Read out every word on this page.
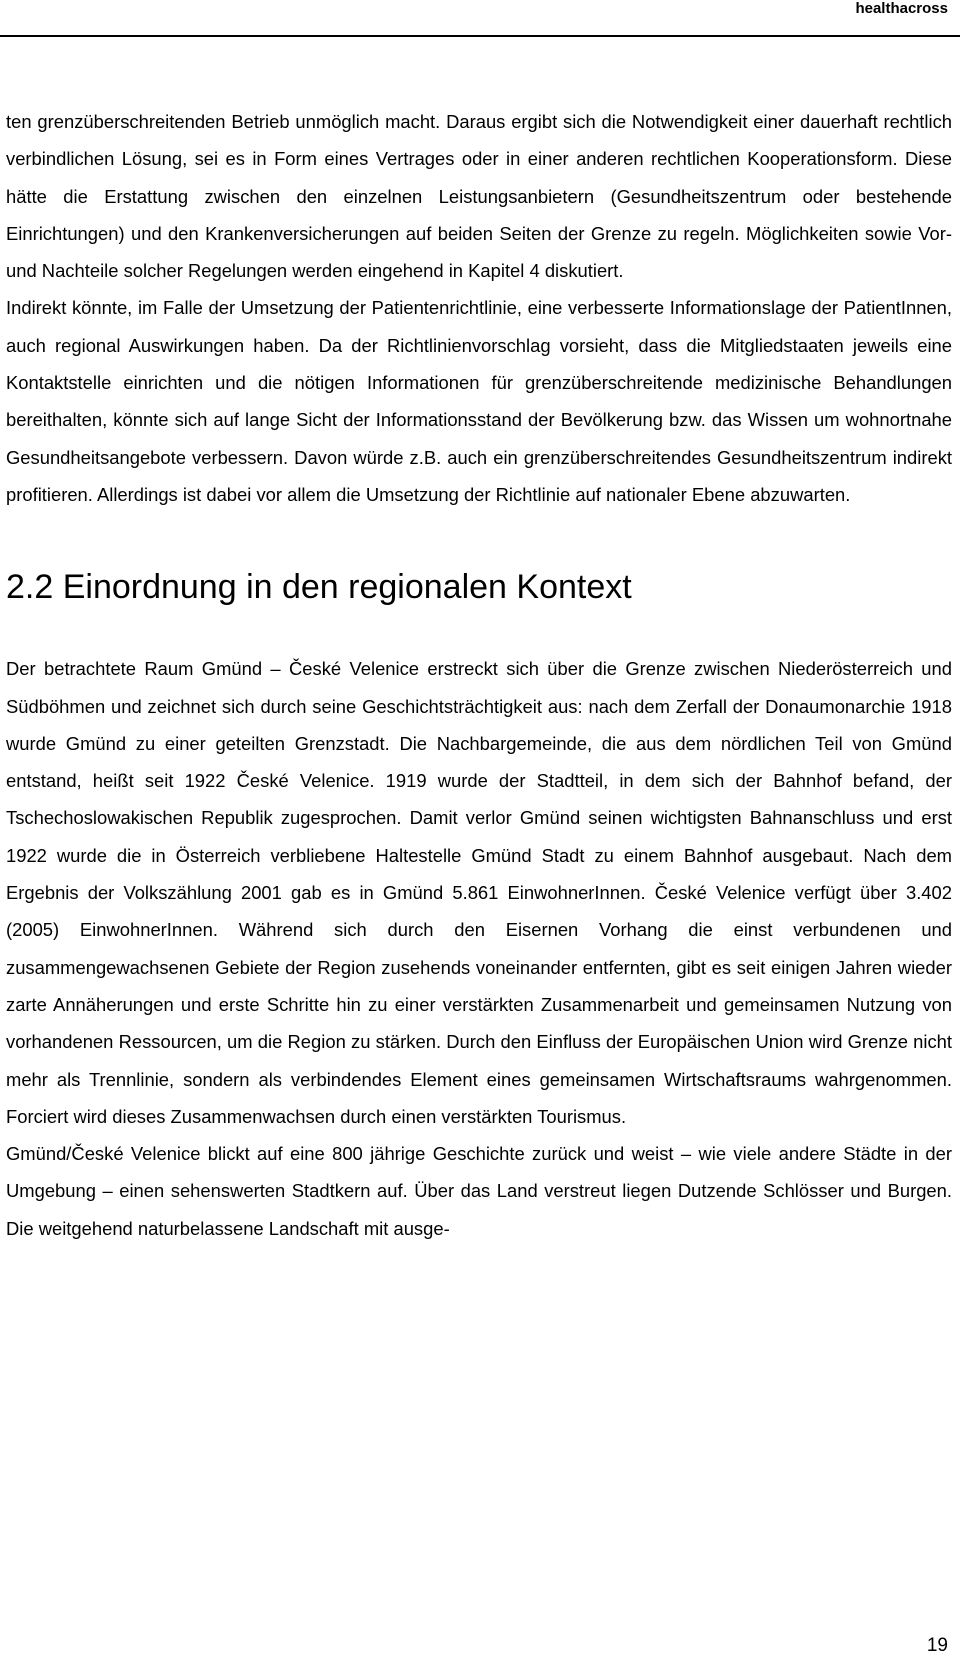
healthacross

ten grenzüberschreitenden Betrieb unmöglich macht. Daraus ergibt sich die Notwendigkeit einer dauerhaft rechtlich verbindlichen Lösung, sei es in Form eines Vertrages oder in einer anderen rechtlichen Kooperationsform. Diese hätte die Erstattung zwischen den einzelnen Leistungsanbietern (Gesundheitszentrum oder bestehende Einrichtungen) und den Krankenversicherungen auf beiden Seiten der Grenze zu regeln. Möglichkeiten sowie Vor- und Nachteile solcher Regelungen werden eingehend in Kapitel 4 diskutiert.

Indirekt könnte, im Falle der Umsetzung der Patientenrichtlinie, eine verbesserte Informationslage der PatientInnen, auch regional Auswirkungen haben. Da der Richtlinienvorschlag vorsieht, dass die Mitgliedstaaten jeweils eine Kontaktstelle einrichten und die nötigen Informationen für grenzüberschreitende medizinische Behandlungen bereithalten, könnte sich auf lange Sicht der Informationsstand der Bevölkerung bzw. das Wissen um wohnortnahe Gesundheitsangebote verbessern. Davon würde z.B. auch ein grenzüberschreitendes Gesundheitszentrum indirekt profitieren. Allerdings ist dabei vor allem die Umsetzung der Richtlinie auf nationaler Ebene abzuwarten.

2.2 Einordnung in den regionalen Kontext

Der betrachtete Raum Gmünd – České Velenice erstreckt sich über die Grenze zwischen Niederösterreich und Südböhmen und zeichnet sich durch seine Geschichtsträchtigkeit aus: nach dem Zerfall der Donaumonarchie 1918 wurde Gmünd zu einer geteilten Grenzstadt. Die Nachbargemeinde, die aus dem nördlichen Teil von Gmünd entstand, heißt seit 1922 České Velenice. 1919 wurde der Stadtteil, in dem sich der Bahnhof befand, der Tschechoslowakischen Republik zugesprochen. Damit verlor Gmünd seinen wichtigsten Bahnanschluss und erst 1922 wurde die in Österreich verbliebene Haltestelle Gmünd Stadt zu einem Bahnhof ausgebaut. Nach dem Ergebnis der Volkszählung 2001 gab es in Gmünd 5.861 EinwohnerInnen. České Velenice verfügt über 3.402 (2005) EinwohnerInnen. Während sich durch den Eisernen Vorhang die einst verbundenen und zusammengewachsenen Gebiete der Region zusehends voneinander entfernten, gibt es seit einigen Jahren wieder zarte Annäherungen und erste Schritte hin zu einer verstärkten Zusammenarbeit und gemeinsamen Nutzung von vorhandenen Ressourcen, um die Region zu stärken. Durch den Einfluss der Europäischen Union wird Grenze nicht mehr als Trennlinie, sondern als verbindendes Element eines gemeinsamen Wirtschaftsraums wahrgenommen. Forciert wird dieses Zusammenwachsen durch einen verstärkten Tourismus.

Gmünd/České Velenice blickt auf eine 800 jährige Geschichte zurück und weist – wie viele andere Städte in der Umgebung – einen sehenswerten Stadtkern auf. Über das Land verstreut liegen Dutzende Schlösser und Burgen. Die weitgehend naturbelassene Landschaft mit ausge-

19
